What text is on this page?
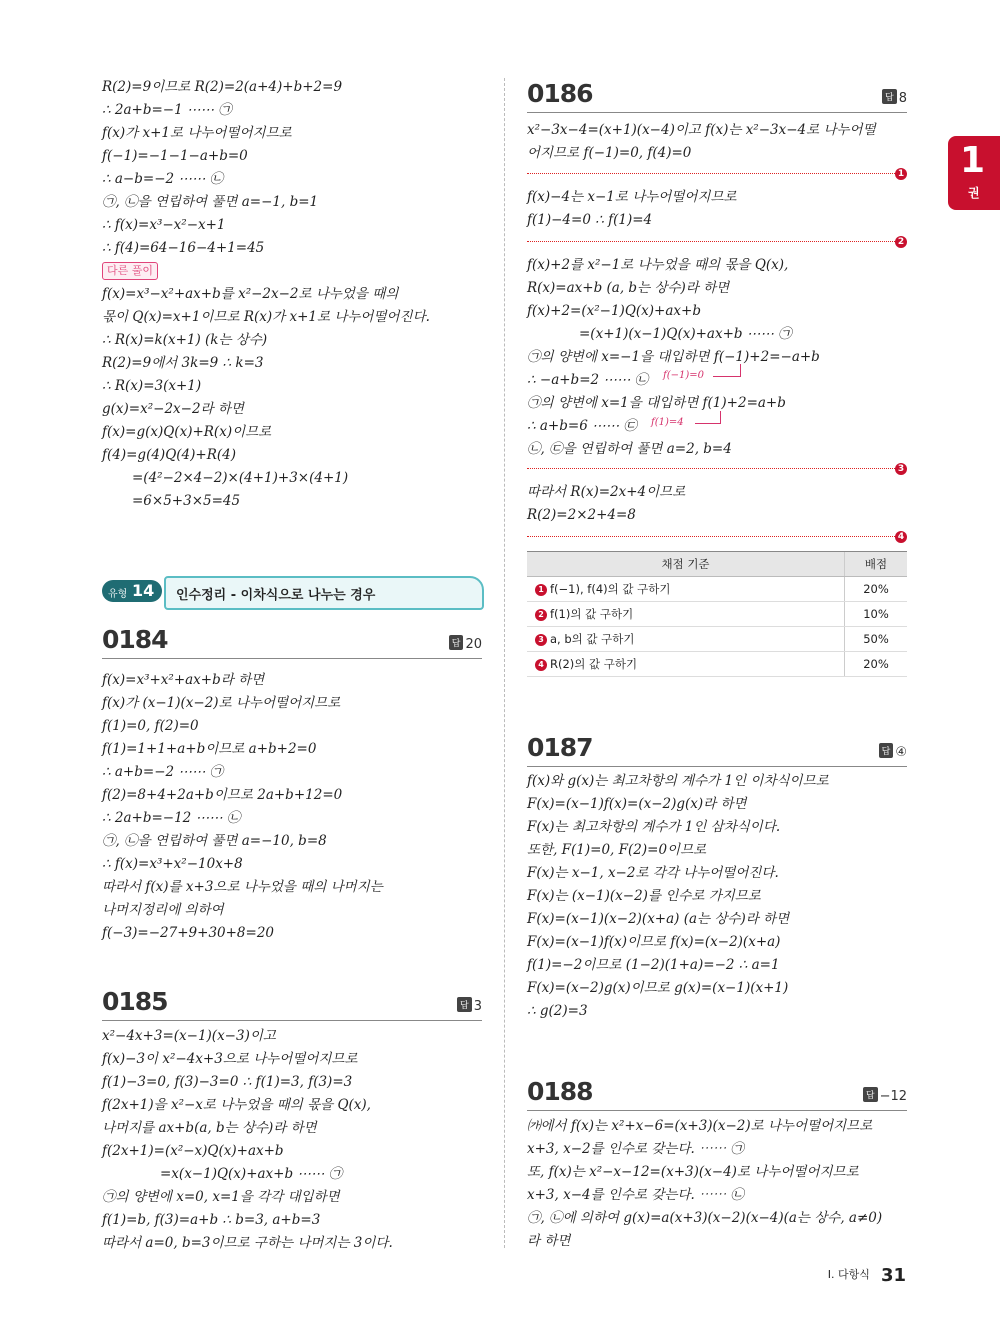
1
권
R(2)=9이므로 R(2)=2(a+4)+b+2=9
∴ 2a+b=−1 ⋯⋯ ㉠
f(x)가 x+1로 나누어떨어지므로
f(−1)=−1−1−a+b=0
∴ a−b=−2 ⋯⋯ ㉡
㉠, ㉡을 연립하여 풀면 a=−1, b=1
∴ f(x)=x³−x²−x+1
∴ f(4)=64−16−4+1=45
다른 풀이
f(x)=x³−x²+ax+b를 x²−2x−2로 나누었을 때의
몫이 Q(x)=x+1이므로 R(x)가 x+1로 나누어떨어진다.
∴ R(x)=k(x+1) (k는 상수)
R(2)=9에서 3k=9 ∴ k=3
∴ R(x)=3(x+1)
g(x)=x²−2x−2라 하면
f(x)=g(x)Q(x)+R(x)이므로
f(4)=g(4)Q(4)+R(4)
=(4²−2×4−2)×(4+1)+3×(4+1)
=6×5+3×5=45
유형 14 인수정리 - 이차식으로 나누는 경우
0184	답 20
f(x)=x³+x²+ax+b라 하면
f(x)가 (x−1)(x−2)로 나누어떨어지므로
f(1)=0, f(2)=0
f(1)=1+1+a+b이므로 a+b+2=0
∴ a+b=−2 ⋯⋯ ㉠
f(2)=8+4+2a+b이므로 2a+b+12=0
∴ 2a+b=−12 ⋯⋯ ㉡
㉠, ㉡을 연립하여 풀면 a=−10, b=8
∴ f(x)=x³+x²−10x+8
따라서 f(x)를 x+3으로 나누었을 때의 나머지는
나머지정리에 의하여
f(−3)=−27+9+30+8=20
0185	답 3
x²−4x+3=(x−1)(x−3)이고
f(x)−3이 x²−4x+3으로 나누어떨어지므로
f(1)−3=0, f(3)−3=0 ∴ f(1)=3, f(3)=3
f(2x+1)을 x²−x로 나누었을 때의 몫을 Q(x),
나머지를 ax+b(a, b는 상수)라 하면
f(2x+1)=(x²−x)Q(x)+ax+b
=x(x−1)Q(x)+ax+b ⋯⋯ ㉠
㉠의 양변에 x=0, x=1을 각각 대입하면
f(1)=b, f(3)=a+b ∴ b=3, a+b=3
따라서 a=0, b=3이므로 구하는 나머지는 3이다.
0186	답 8
x²−3x−4=(x+1)(x−4)이고 f(x)는 x²−3x−4로 나누어떨
어지므로 f(−1)=0, f(4)=0
1
f(x)−4는 x−1로 나누어떨어지므로
f(1)−4=0 ∴ f(1)=4
2
f(x)+2를 x²−1로 나누었을 때의 몫을 Q(x),
R(x)=ax+b (a, b는 상수)라 하면
f(x)+2=(x²−1)Q(x)+ax+b
=(x+1)(x−1)Q(x)+ax+b ⋯⋯ ㉠
㉠의 양변에 x=−1을 대입하면 f(−1)+2=−a+b
∴ −a+b=2 ⋯⋯ ㉡
㉠의 양변에 x=1을 대입하면 f(1)+2=a+b
∴ a+b=6 ⋯⋯ ㉢
㉡, ㉢을 연립하여 풀면 a=2, b=4
f(−1)=0
f(1)=4
3
따라서 R(x)=2x+4이므로
R(2)=2×2+4=8
4
채점 기준	배점
1 f(−1), f(4)의 값 구하기	20%
2 f(1)의 값 구하기	10%
3 a, b의 값 구하기	50%
4 R(2)의 값 구하기	20%
0187	답 ④
f(x)와 g(x)는 최고차항의 계수가 1인 이차식이므로
F(x)=(x−1)f(x)=(x−2)g(x)라 하면
F(x)는 최고차항의 계수가 1인 삼차식이다.
또한, F(1)=0, F(2)=0이므로
F(x)는 x−1, x−2로 각각 나누어떨어진다.
F(x)는 (x−1)(x−2)를 인수로 가지므로
F(x)=(x−1)(x−2)(x+a) (a는 상수)라 하면
F(x)=(x−1)f(x)이므로 f(x)=(x−2)(x+a)
f(1)=−2이므로 (1−2)(1+a)=−2 ∴ a=1
F(x)=(x−2)g(x)이므로 g(x)=(x−1)(x+1)
∴ g(2)=3
0188	답 −12
㈎에서 f(x)는 x²+x−6=(x+3)(x−2)로 나누어떨어지므로
x+3, x−2를 인수로 갖는다. ⋯⋯ ㉠
또, f(x)는 x²−x−12=(x+3)(x−4)로 나누어떨어지므로
x+3, x−4를 인수로 갖는다. ⋯⋯ ㉡
㉠, ㉡에 의하여 g(x)=a(x+3)(x−2)(x−4)(a는 상수, a≠0)
라 하면
I. 다항식 31
